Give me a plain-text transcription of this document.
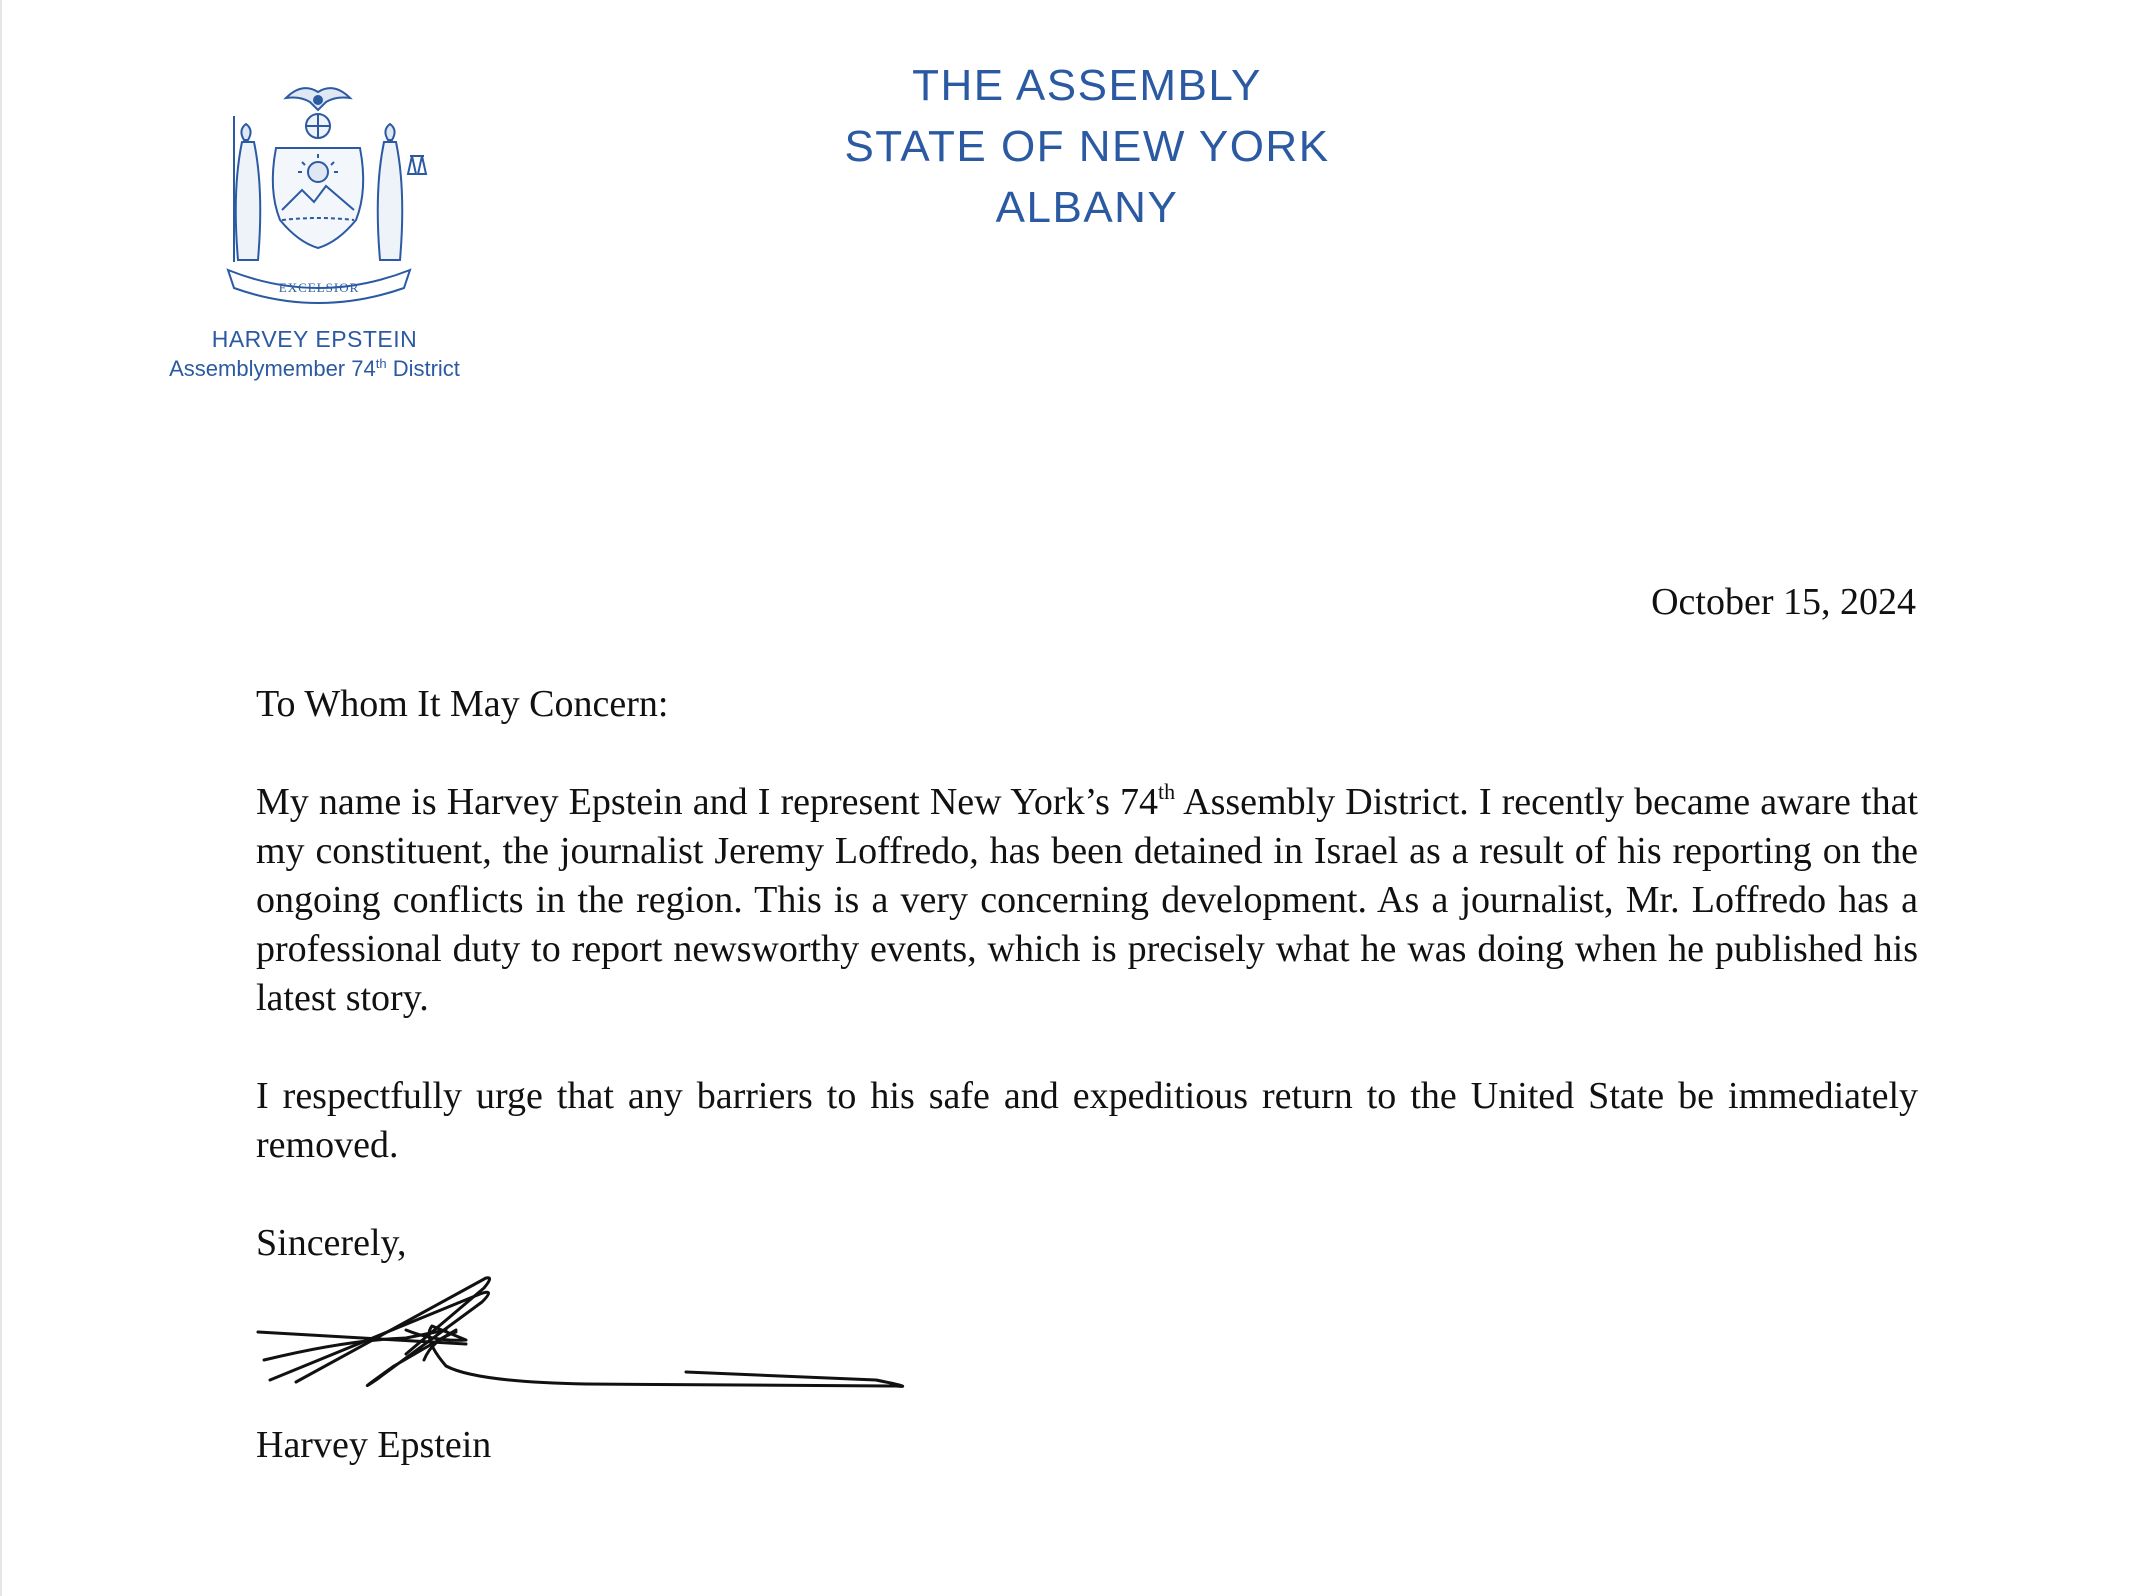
THE ASSEMBLY
STATE OF NEW YORK
ALBANY
EXCELSIOR
HARVEY EPSTEIN
Assemblymember 74th District

October 15, 2024

To Whom It May Concern:

My name is Harvey Epstein and I represent New York’s 74th Assembly District. I recently became aware that my constituent, the journalist Jeremy Loffredo, has been detained in Israel as a result of his reporting on the ongoing conflicts in the region. This is a very concerning development. As a journalist, Mr. Loffredo has a professional duty to report newsworthy events, which is precisely what he was doing when he published his latest story.

I respectfully urge that any barriers to his safe and expeditious return to the United State be immediately removed.

Sincerely,

Harvey Epstein
